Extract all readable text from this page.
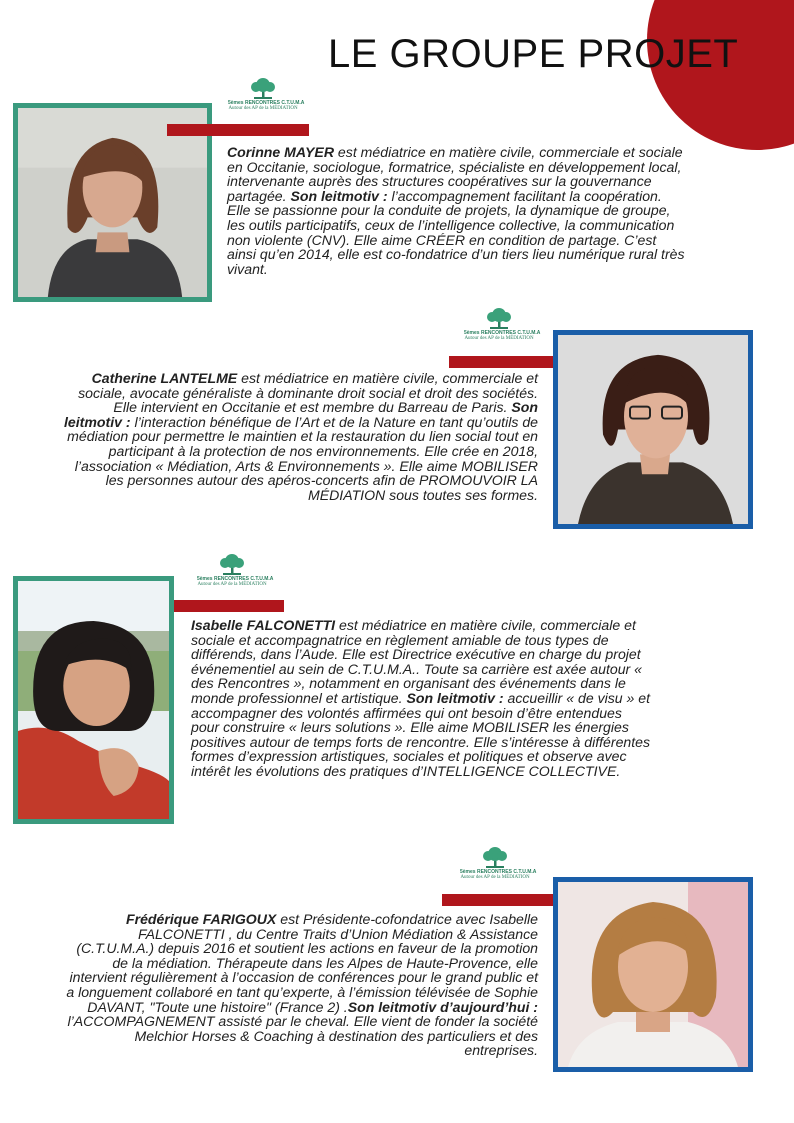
LE GROUPE PROJET
5èmes RENCONTRES C.T.U.M.A
Autour des AP de la MÉDIATION

Corinne MAYER est médiatrice en matière civile, commerciale et sociale en Occitanie, sociologue, formatrice, spécialiste en développement local, intervenante auprès des structures coopératives sur la gouvernance partagée. Son leitmotiv : l’accompagnement facilitant la coopération. Elle se passionne pour la conduite de projets, la dynamique de groupe, les outils participatifs, ceux de l’intelligence collective, la communication non violente (CNV). Elle aime CRÉER en condition de partage. C’est ainsi qu’en 2014, elle est co-fondatrice d’un tiers lieu numérique rural très vivant.

5èmes RENCONTRES C.T.U.M.A
Autour des AP de la MÉDIATION

Catherine LANTELME est médiatrice en matière civile, commerciale et sociale, avocate généraliste à dominante droit social et droit des sociétés. Elle intervient en Occitanie et est membre du Barreau de Paris. Son leitmotiv : l’interaction bénéfique de l’Art et de la Nature en tant qu’outils de médiation pour permettre le maintien et la restauration du lien social tout en participant à la protection de nos environnements. Elle crée en 2018, l’association « Médiation, Arts & Environnements ». Elle aime MOBILISER les personnes autour des apéros-concerts afin de PROMOUVOIR LA MÉDIATION sous toutes ses formes.

5èmes RENCONTRES C.T.U.M.A
Autour des AP de la MÉDIATION

Isabelle FALCONETTI est médiatrice en matière civile, commerciale et sociale et accompagnatrice en règlement amiable de tous types de différends, dans l’Aude. Elle est Directrice exécutive en charge du projet événementiel au sein de C.T.U.M.A.. Toute sa carrière est axée autour « des Rencontres », notamment en organisant des événements dans le monde professionnel et artistique. Son leitmotiv : accueillir « de visu » et accompagner des volontés affirmées qui ont besoin d’être entendues pour construire « leurs solutions ». Elle aime MOBILISER les énergies positives autour de temps forts de rencontre. Elle s’intéresse à différentes formes d’expression artistiques, sociales et politiques et observe avec intérêt les évolutions des pratiques d’INTELLIGENCE COLLECTIVE.

5èmes RENCONTRES C.T.U.M.A
Autour des AP de la MÉDIATION

Frédérique FARIGOUX est Présidente-cofondatrice avec Isabelle FALCONETTI , du Centre Traits d’Union Médiation & Assistance (C.T.U.M.A.) depuis 2016 et soutient les actions en faveur de la promotion de la médiation. Thérapeute dans les Alpes de Haute-Provence, elle intervient régulièrement à l’occasion de conférences pour le grand public et a longuement collaboré en tant qu’experte, à l’émission télévisée de Sophie DAVANT, "Toute une histoire" (France 2) .Son leitmotiv d’aujourd’hui : l’ACCOMPAGNEMENT assisté par le cheval. Elle vient de fonder la société Melchior Horses & Coaching à destination des particuliers et des entreprises.
